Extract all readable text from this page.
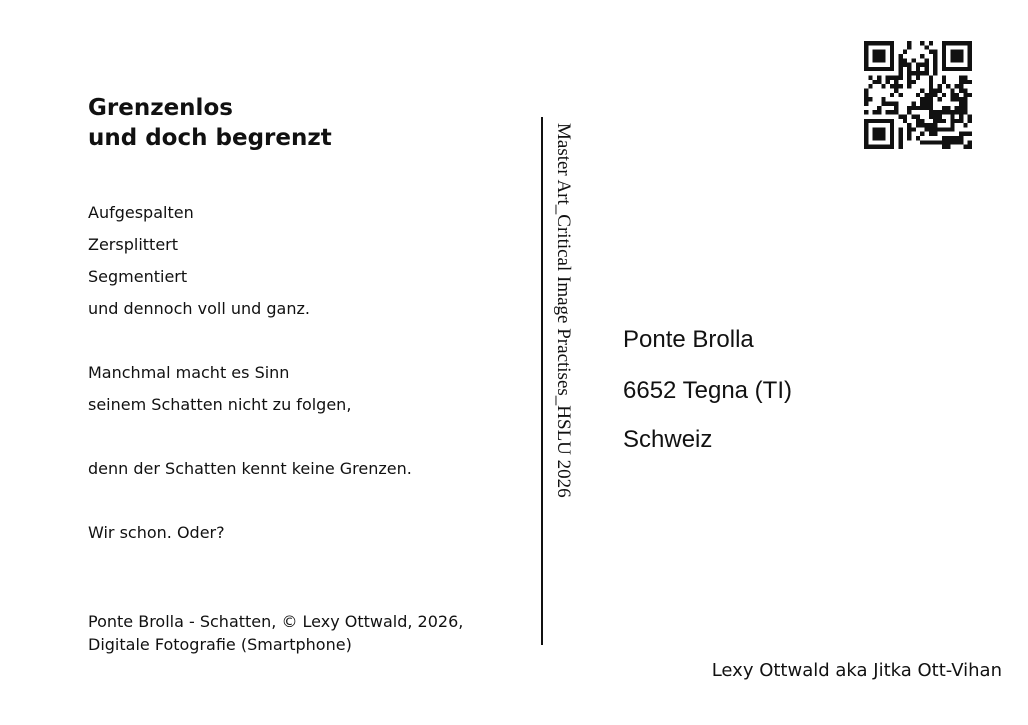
Grenzenlos
und doch begrenzt
Aufgespalten
Zersplittert
Segmentiert
und dennoch voll und ganz.
Manchmal macht es Sinn
seinem Schatten nicht zu folgen,
denn der Schatten kennt keine Grenzen.
Wir schon. Oder?
Ponte Brolla - Schatten, © Lexy Ottwald, 2026,
Digitale Fotografie (Smartphone)
Master Art_Critical Image Practises_HSLU 2026 Ponte Brolla
6652 Tegna (TI)
Schweiz
Lexy Ottwald aka Jitka Ott-Vihan
